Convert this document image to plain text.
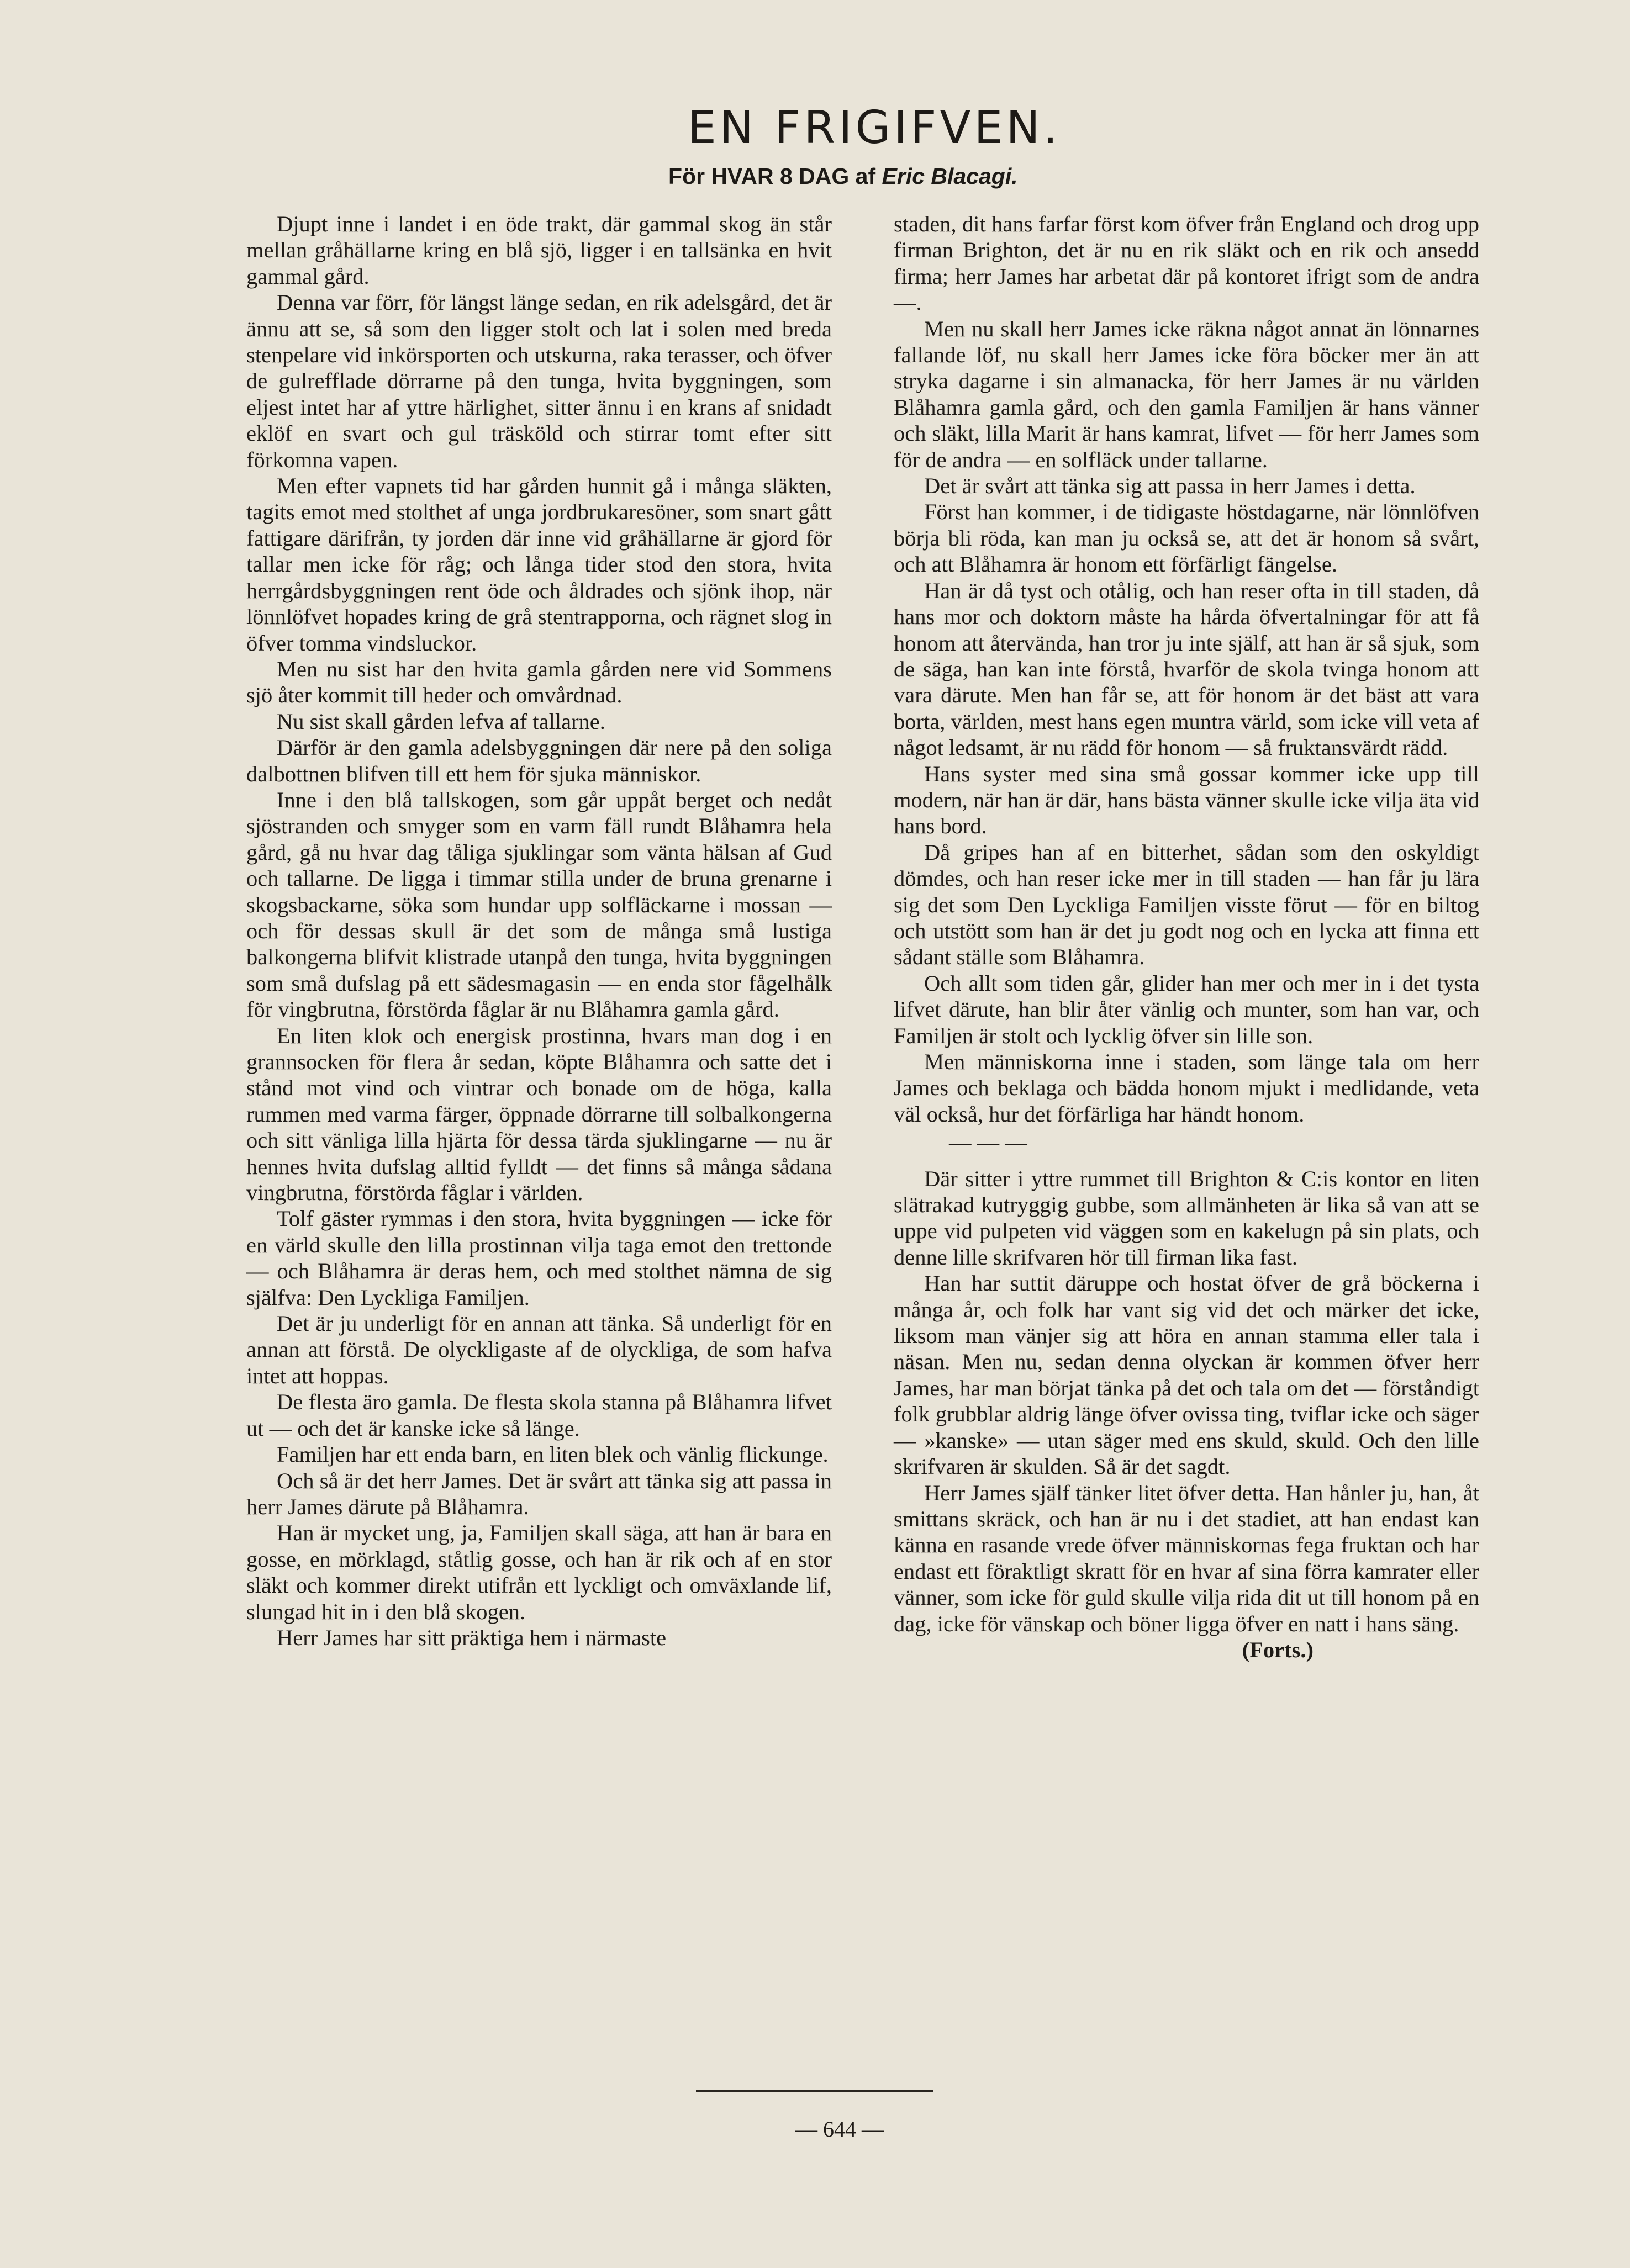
EN FRIGIFVEN.
För HVAR 8 DAG af Eric Blacagi.

Djupt inne i landet i en öde trakt, där gammal skog än står mellan gråhällarne kring en blå sjö, ligger i en tallsänka en hvit gammal gård.

Denna var förr, för längst länge sedan, en rik adelsgård, det är ännu att se, så som den ligger stolt och lat i solen med breda stenpelare vid inkörsporten och utskurna, raka terasser, och öfver de gulrefflade dörrarne på den tunga, hvita byggningen, som eljest intet har af yttre härlighet, sitter ännu i en krans af snidadt eklöf en svart och gul träsköld och stirrar tomt efter sitt förkomna vapen.

Men efter vapnets tid har gården hunnit gå i många släkten, tagits emot med stolthet af unga jordbrukaresöner, som snart gått fattigare därifrån, ty jorden där inne vid gråhällarne är gjord för tallar men icke för råg; och långa tider stod den stora, hvita herrgårdsbyggningen rent öde och åldrades och sjönk ihop, när lönnlöfvet hopades kring de grå stentrapporna, och rägnet slog in öfver tomma vindsluckor.

Men nu sist har den hvita gamla gården nere vid Sommens sjö åter kommit till heder och omvårdnad.

Nu sist skall gården lefva af tallarne.

Därför är den gamla adelsbyggningen där nere på den soliga dalbottnen blifven till ett hem för sjuka människor.

Inne i den blå tallskogen, som går uppåt berget och nedåt sjöstranden och smyger som en varm fäll rundt Blåhamra hela gård, gå nu hvar dag tåliga sjuklingar som vänta hälsan af Gud och tallarne. De ligga i timmar stilla under de bruna grenarne i skogsbackarne, söka som hundar upp solfläckarne i mossan — och för dessas skull är det som de många små lustiga balkongerna blifvit klistrade utanpå den tunga, hvita byggningen som små dufslag på ett sädesmagasin — en enda stor fågelhålk för vingbrutna, förstörda fåglar är nu Blåhamra gamla gård.

En liten klok och energisk prostinna, hvars man dog i en grannsocken för flera år sedan, köpte Blåhamra och satte det i stånd mot vind och vintrar och bonade om de höga, kalla rummen med varma färger, öppnade dörrarne till solbalkongerna och sitt vänliga lilla hjärta för dessa tärda sjuklingarne — nu är hennes hvita dufslag alltid fylldt — det finns så många sådana vingbrutna, förstörda fåglar i världen.

Tolf gäster rymmas i den stora, hvita byggningen — icke för en värld skulle den lilla prostinnan vilja taga emot den trettonde — och Blåhamra är deras hem, och med stolthet nämna de sig själfva: Den Lyckliga Familjen.

Det är ju underligt för en annan att tänka. Så underligt för en annan att förstå. De olyckligaste af de olyckliga, de som hafva intet att hoppas.

De flesta äro gamla. De flesta skola stanna på Blåhamra lifvet ut — och det är kanske icke så länge.

Familjen har ett enda barn, en liten blek och vänlig flickunge.

Och så är det herr James. Det är svårt att tänka sig att passa in herr James därute på Blåhamra.

Han är mycket ung, ja, Familjen skall säga, att han är bara en gosse, en mörklagd, ståtlig gosse, och han är rik och af en stor släkt och kommer direkt utifrån ett lyckligt och omväxlande lif, slungad hit in i den blå skogen.

Herr James har sitt präktiga hem i närmaste

staden, dit hans farfar först kom öfver från England och drog upp firman Brighton, det är nu en rik släkt och en rik och ansedd firma; herr James har arbetat där på kontoret ifrigt som de andra —.

Men nu skall herr James icke räkna något annat än lönnarnes fallande löf, nu skall herr James icke föra böcker mer än att stryka dagarne i sin almanacka, för herr James är nu världen Blåhamra gamla gård, och den gamla Familjen är hans vänner och släkt, lilla Marit är hans kamrat, lifvet — för herr James som för de andra — en solfläck under tallarne.

Det är svårt att tänka sig att passa in herr James i detta.

Först han kommer, i de tidigaste höstdagarne, när lönnlöfven börja bli röda, kan man ju också se, att det är honom så svårt, och att Blåhamra är honom ett förfärligt fängelse.

Han är då tyst och otålig, och han reser ofta in till staden, då hans mor och doktorn måste ha hårda öfvertalningar för att få honom att återvända, han tror ju inte själf, att han är så sjuk, som de säga, han kan inte förstå, hvarför de skola tvinga honom att vara därute. Men han får se, att för honom är det bäst att vara borta, världen, mest hans egen muntra värld, som icke vill veta af något ledsamt, är nu rädd för honom — så fruktansvärdt rädd.

Hans syster med sina små gossar kommer icke upp till modern, när han är där, hans bästa vänner skulle icke vilja äta vid hans bord.

Då gripes han af en bitterhet, sådan som den oskyldigt dömdes, och han reser icke mer in till staden — han får ju lära sig det som Den Lyckliga Familjen visste förut — för en biltog och utstött som han är det ju godt nog och en lycka att finna ett sådant ställe som Blåhamra.

Och allt som tiden går, glider han mer och mer in i det tysta lifvet därute, han blir åter vänlig och munter, som han var, och Familjen är stolt och lycklig öfver sin lille son.

Men människorna inne i staden, som länge tala om herr James och beklaga och bädda honom mjukt i medlidande, veta väl också, hur det förfärliga har händt honom.

— — —

Där sitter i yttre rummet till Brighton & C:is kontor en liten slätrakad kutryggig gubbe, som allmänheten är lika så van att se uppe vid pulpeten vid väggen som en kakelugn på sin plats, och denne lille skrifvaren hör till firman lika fast.

Han har suttit däruppe och hostat öfver de grå böckerna i många år, och folk har vant sig vid det och märker det icke, liksom man vänjer sig att höra en annan stamma eller tala i näsan. Men nu, sedan denna olyckan är kommen öfver herr James, har man börjat tänka på det och tala om det — förståndigt folk grubblar aldrig länge öfver ovissa ting, tviflar icke och säger — »kanske» — utan säger med ens skuld, skuld. Och den lille skrifvaren är skulden. Så är det sagdt.

Herr James själf tänker litet öfver detta. Han hånler ju, han, åt smittans skräck, och han är nu i det stadiet, att han endast kan känna en rasande vrede öfver människornas fega fruktan och har endast ett föraktligt skratt för en hvar af sina förra kamrater eller vänner, som icke för guld skulle vilja rida dit ut till honom på en dag, icke för vänskap och böner ligga öfver en natt i hans säng.

(Forts.)

— 644 —
